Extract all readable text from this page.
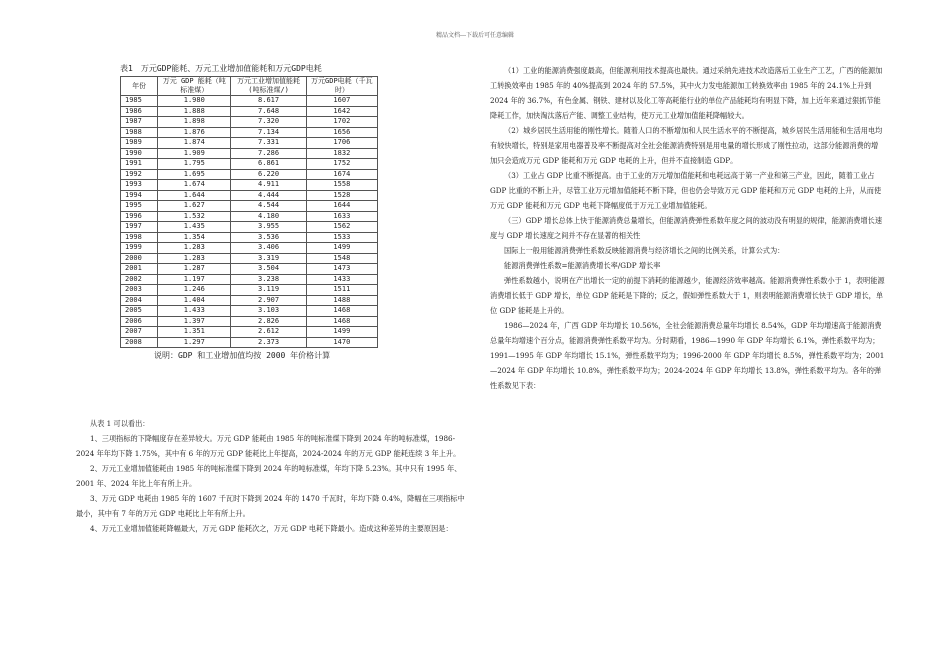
精品文档---下载后可任意编辑
表1　万元GDP能耗、万元工业增加值能耗和万元GDP电耗
年份	万元 GDP 能耗（吨标准煤）	万元工业增加值能耗(吨标准煤/)	万元GDP电耗（千瓦时）
1985	1.980	8.617	1607
1986	1.888	7.648	1642
1987	1.898	7.320	1702
1988	1.876	7.134	1656
1989	1.874	7.331	1706
1990	1.909	7.286	1832
1991	1.795	6.861	1752
1992	1.695	6.220	1674
1993	1.674	4.911	1558
1994	1.644	4.444	1528
1995	1.627	4.544	1644
1996	1.532	4.180	1633
1997	1.435	3.955	1562
1998	1.354	3.536	1533
1999	1.283	3.406	1499
2000	1.283	3.319	1548
2001	1.287	3.504	1473
2002	1.197	3.238	1433
2003	1.246	3.119	1511
2004	1.404	2.907	1488
2005	1.433	3.103	1468
2006	1.397	2.826	1468
2007	1.351	2.612	1499
2008	1.297	2.373	1470
说明：GDP 和工业增加值均按 2000 年价格计算

从表 1 可以看出：

1、三项指标的下降幅度存在差异较大。万元 GDP 能耗由 1985 年的吨标准煤下降到 2024 年的吨标准煤，1986-2024 年年均下降 1.75%，其中有 6 年的万元 GDP 能耗比上年提高，2024-2024 年的万元 GDP 能耗连续 3 年上升。

2、万元工业增加值能耗由 1985 年的吨标准煤下降到 2024 年的吨标准煤，年均下降 5.23%。其中只有 1995 年、2001 年、2024 年比上年有所上升。

3、万元 GDP 电耗由 1985 年的 1607 千瓦时下降到 2024 年的 1470 千瓦时，年均下降 0.4%，降幅在三项指标中最小，其中有 7 年的万元 GDP 电耗比上年有所上升。

4、万元工业增加值能耗降幅最大，万元 GDP 能耗次之，万元 GDP 电耗下降最小。造成这种差异的主要原因是：

（1）工业的能源消费强度最高，但能源利用技术提高也最快。通过采纳先进技术改造落后工业生产工艺，广西的能源加工转换效率由 1985 年的 40%提高到 2024 年的 57.5%，其中火力发电能源加工转换效率由 1985 年的 24.1%上升到 2024 年的 36.7%，有色金属、钢铁、建材以及化工等高耗能行业的单位产品能耗均有明显下降，加上近年来通过狠抓节能降耗工作，加快淘汰落后产能、调整工业结构，使万元工业增加值能耗降幅较大。

（2）城乡居民生活用能的刚性增长。随着人口的不断增加和人民生活水平的不断提高，城乡居民生活用能和生活用电均有较快增长，特别是家用电器普及率不断提高对全社会能源消费特别是用电量的增长形成了刚性拉动，这部分能源消费的增加只会造成万元 GDP 能耗和万元 GDP 电耗的上升，但并不直接制造 GDP。

（3）工业占 GDP 比重不断提高。由于工业的万元增加值能耗和电耗远高于第一产业和第三产业，因此，随着工业占 GDP 比重的不断上升，尽管工业万元增加值能耗不断下降，但也仍会导致万元 GDP 能耗和万元 GDP 电耗的上升，从而使万元 GDP 能耗和万元 GDP 电耗下降幅度低于万元工业增加值能耗。

（三）GDP 增长总体上快于能源消费总量增长，但能源消费弹性系数年度之间的波动没有明显的规律，能源消费增长速度与 GDP 增长速度之间并不存在显著的相关性

国际上一般用能源消费弹性系数反映能源消费与经济增长之间的比例关系，计算公式为：

能源消费弹性系数=能源消费增长率/GDP 增长率

弹性系数越小，说明在产出增长一定的前提下消耗的能源越少，能源经济效率越高。能源消费弹性系数小于 1，表明能源消费增长低于 GDP 增长，单位 GDP 能耗是下降的；反之，假如弹性系数大于 1，则表明能源消费增长快于 GDP 增长，单位 GDP 能耗是上升的。

1986—2024 年，广西 GDP 年均增长 10.56%，全社会能源消费总量年均增长 8.54%，GDP 年均增速高于能源消费总量年均增速个百分点，能源消费弹性系数平均为。分时期看，1986—1990 年 GDP 年均增长 6.1%，弹性系数平均为；1991—1995 年 GDP 年均增长 15.1%，弹性系数平均为；1996-2000 年 GDP 年均增长 8.5%，弹性系数平均为；2001—2024 年 GDP 年均增长 10.8%，弹性系数平均为；2024-2024 年 GDP 年均增长 13.8%，弹性系数平均为。各年的弹性系数见下表：
